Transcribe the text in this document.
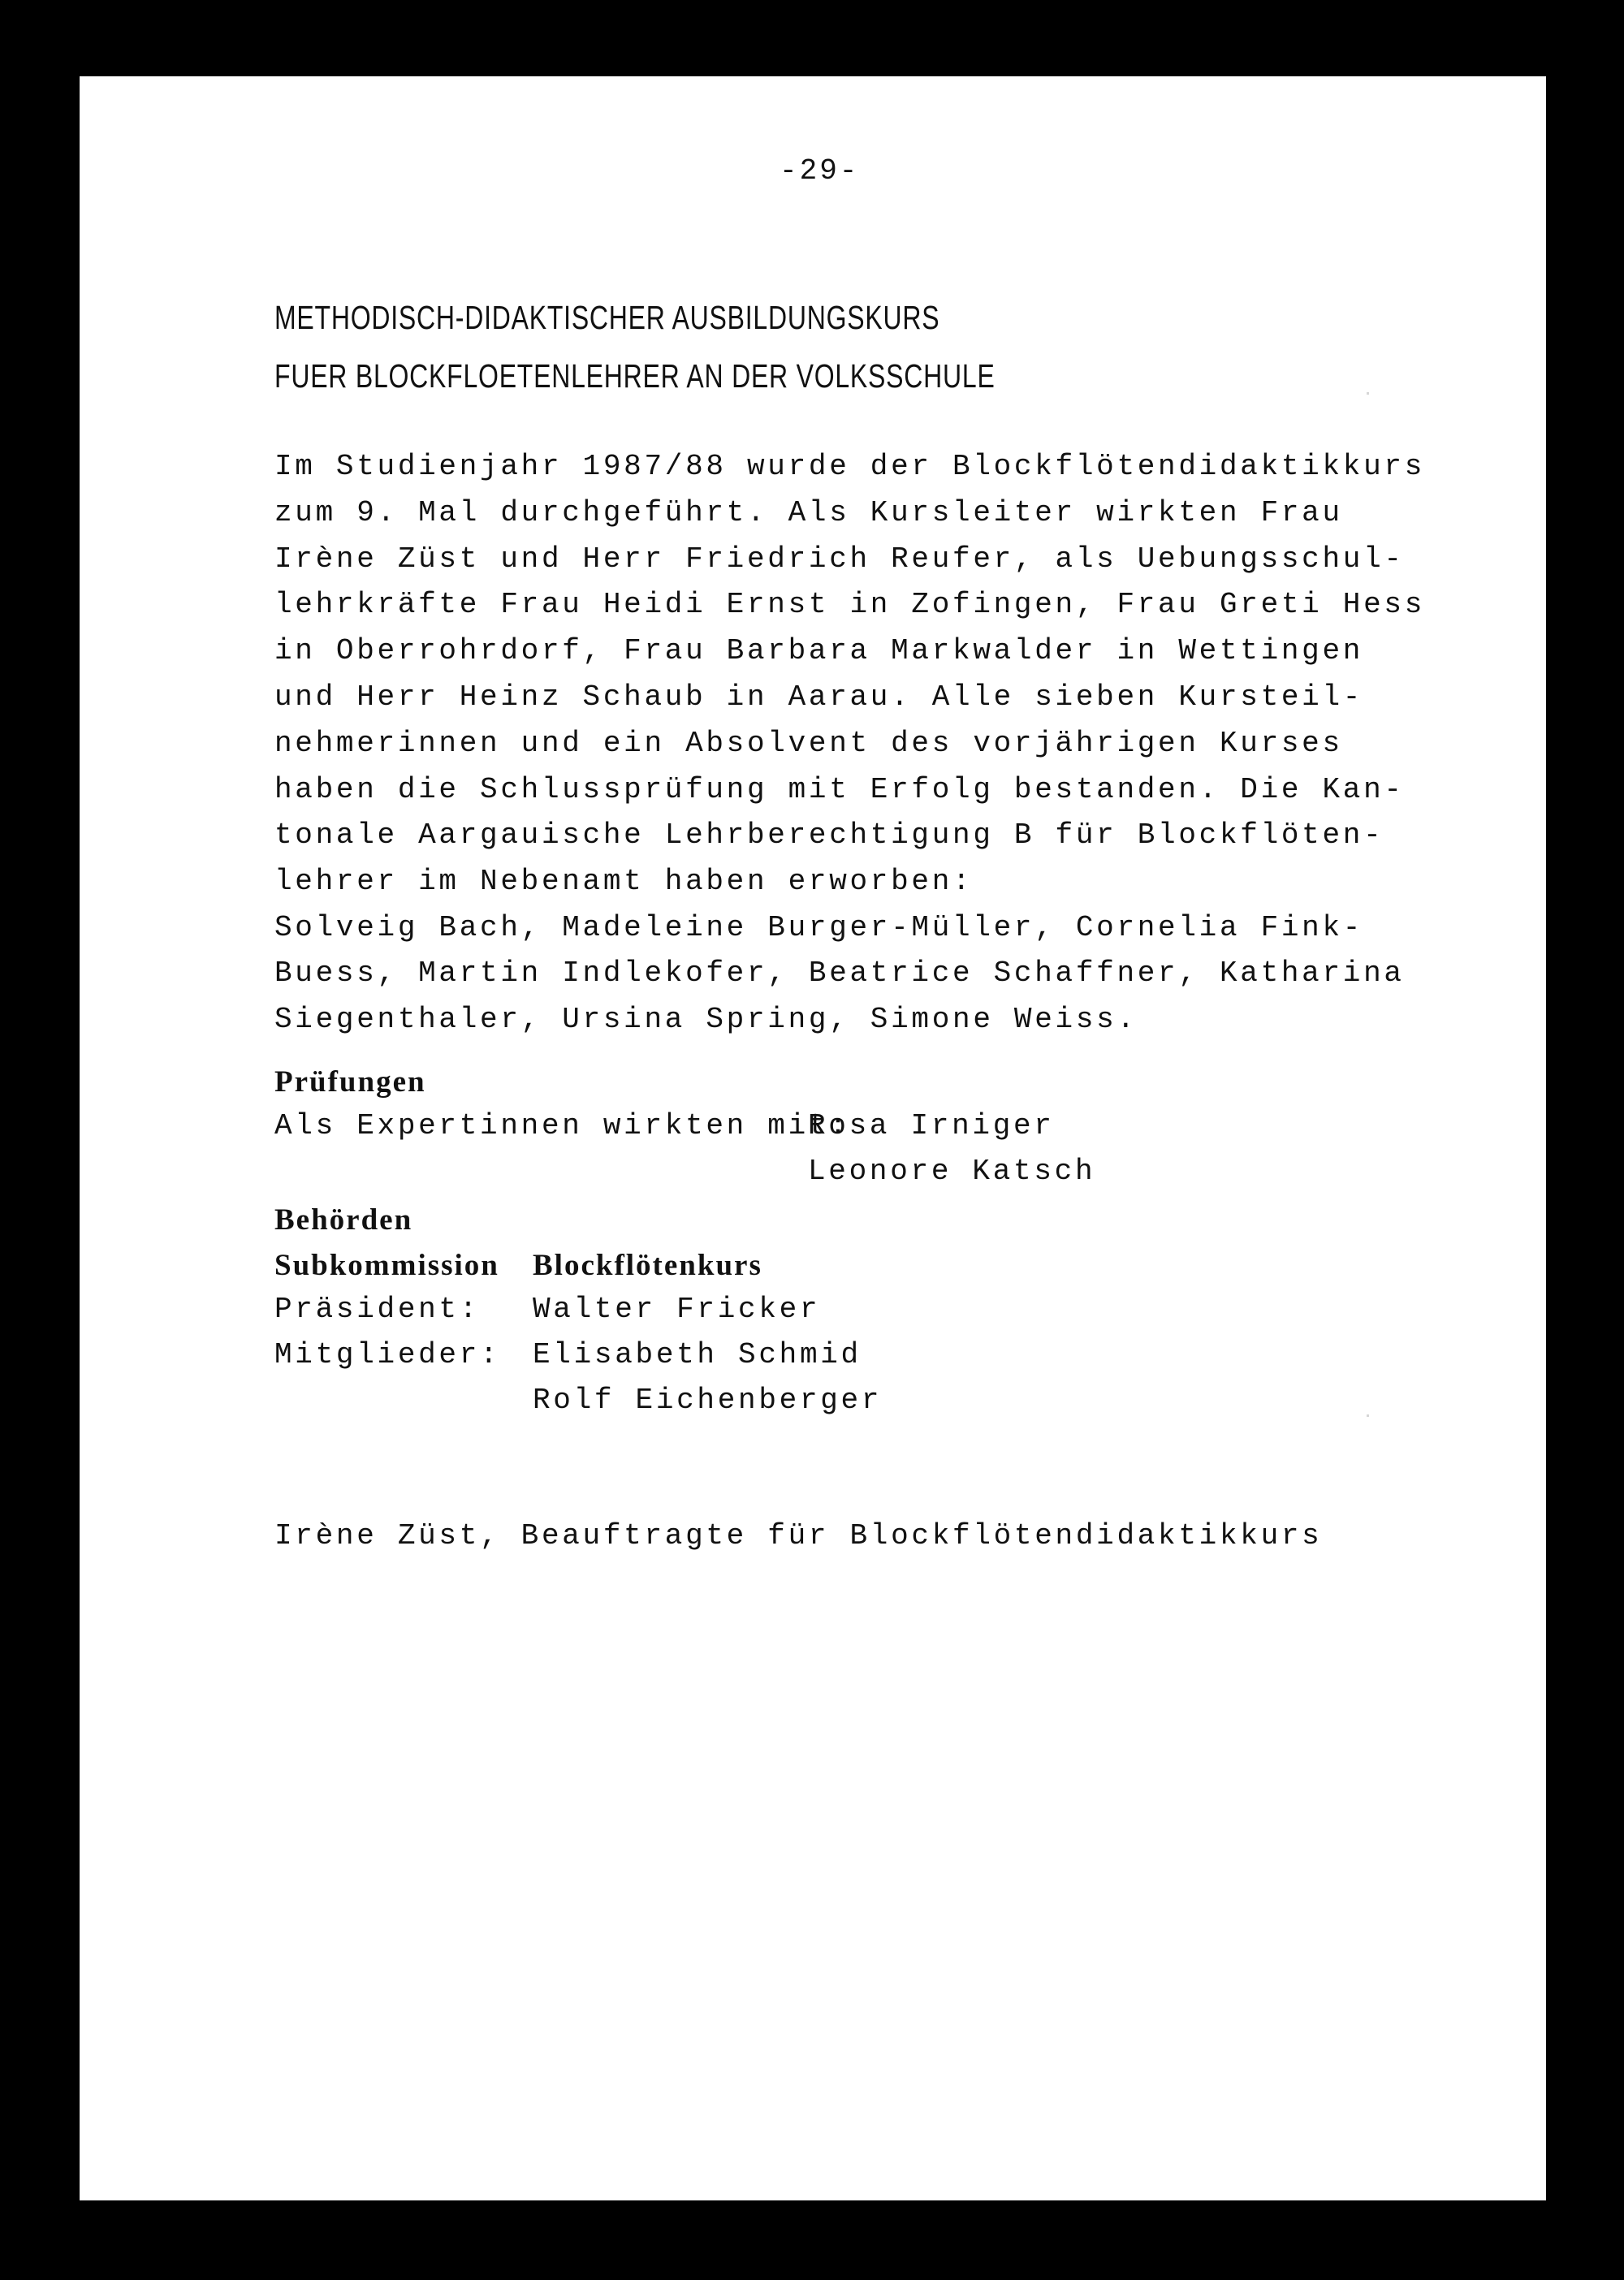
-29-
METHODISCH-DIDAKTISCHER AUSBILDUNGSKURS
FUER BLOCKFLOETENLEHRER AN DER VOLKSSCHULE
Im Studienjahr 1987/88 wurde der Blockflötendidaktikkurs
zum 9. Mal durchgeführt. Als Kursleiter wirkten Frau
Irène Züst und Herr Friedrich Reufer, als Uebungsschul-
lehrkräfte Frau Heidi Ernst in Zofingen, Frau Greti Hess
in Oberrohrdorf, Frau Barbara Markwalder in Wettingen
und Herr Heinz Schaub in Aarau. Alle sieben Kursteil-
nehmerinnen und ein Absolvent des vorjährigen Kurses
haben die Schlussprüfung mit Erfolg bestanden. Die Kan-
tonale Aargauische Lehrberechtigung B für Blockflöten-
lehrer im Nebenamt haben erworben:
Solveig Bach, Madeleine Burger-Müller, Cornelia Fink-
Buess, Martin Indlekofer, Beatrice Schaffner, Katharina
Siegenthaler, Ursina Spring, Simone Weiss.
Prüfungen
Als Expertinnen wirkten mit:
Rosa Irniger
Leonore Katsch
Behörden
Subkommission Blockflötenkurs
Präsident: Walter Fricker
Mitglieder: Elisabeth Schmid
Rolf Eichenberger
Irène Züst, Beauftragte für Blockflötendidaktikkurs
